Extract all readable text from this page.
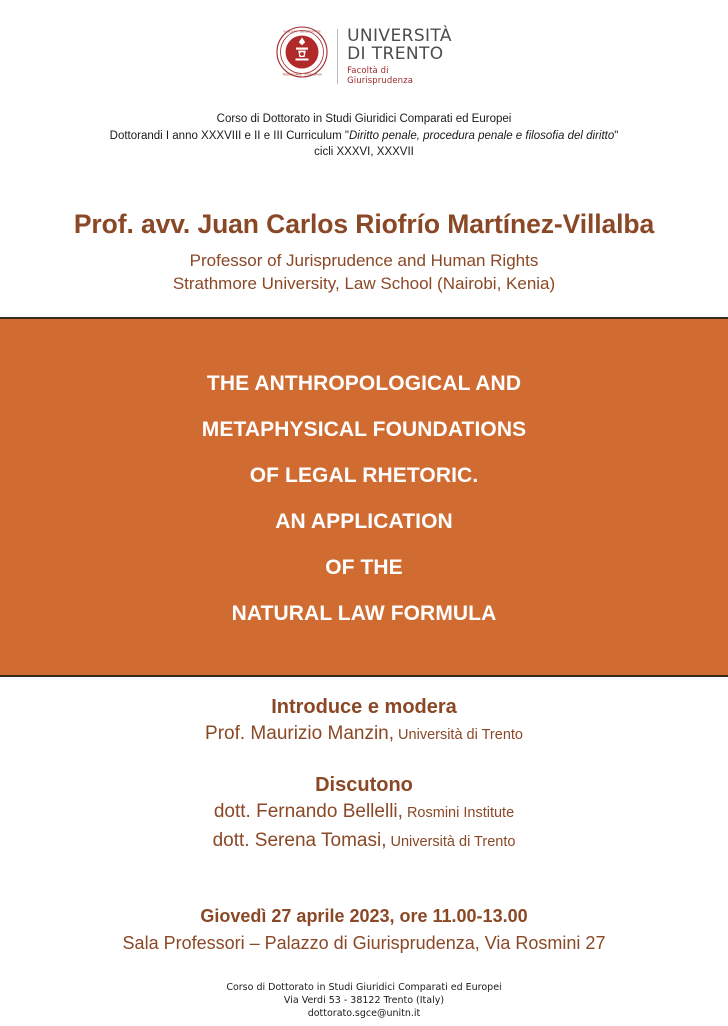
SIGILLVM · VNIVERSITATIS
TRIDENTINAE · STVDIORVM
UNIVERSITÀ
DI TRENTO
Facoltà di
Giurisprudenza
Corso di Dottorato in Studi Giuridici Comparati ed Europei
Dottorandi I anno XXXVIII e II e III Curriculum "Diritto penale, procedura penale e filosofia del diritto"
cicli XXXVI, XXXVII
Prof. avv. Juan Carlos Riofrío Martínez-Villalba
Professor of Jurisprudence and Human Rights
Strathmore University, Law School (Nairobi, Kenia)
THE ANTHROPOLOGICAL AND
METAPHYSICAL FOUNDATIONS
OF LEGAL RHETORIC.
AN APPLICATION
OF THE
NATURAL LAW FORMULA
Introduce e modera
Prof. Maurizio Manzin, Università di Trento
Discutono
dott. Fernando Bellelli, Rosmini Institute
dott. Serena Tomasi, Università di Trento
Giovedì 27 aprile 2023, ore 11.00-13.00
Sala Professori – Palazzo di Giurisprudenza, Via Rosmini 27
Corso di Dottorato in Studi Giuridici Comparati ed Europei
Via Verdi 53 - 38122 Trento (Italy)
dottorato.sgce@unitn.it
